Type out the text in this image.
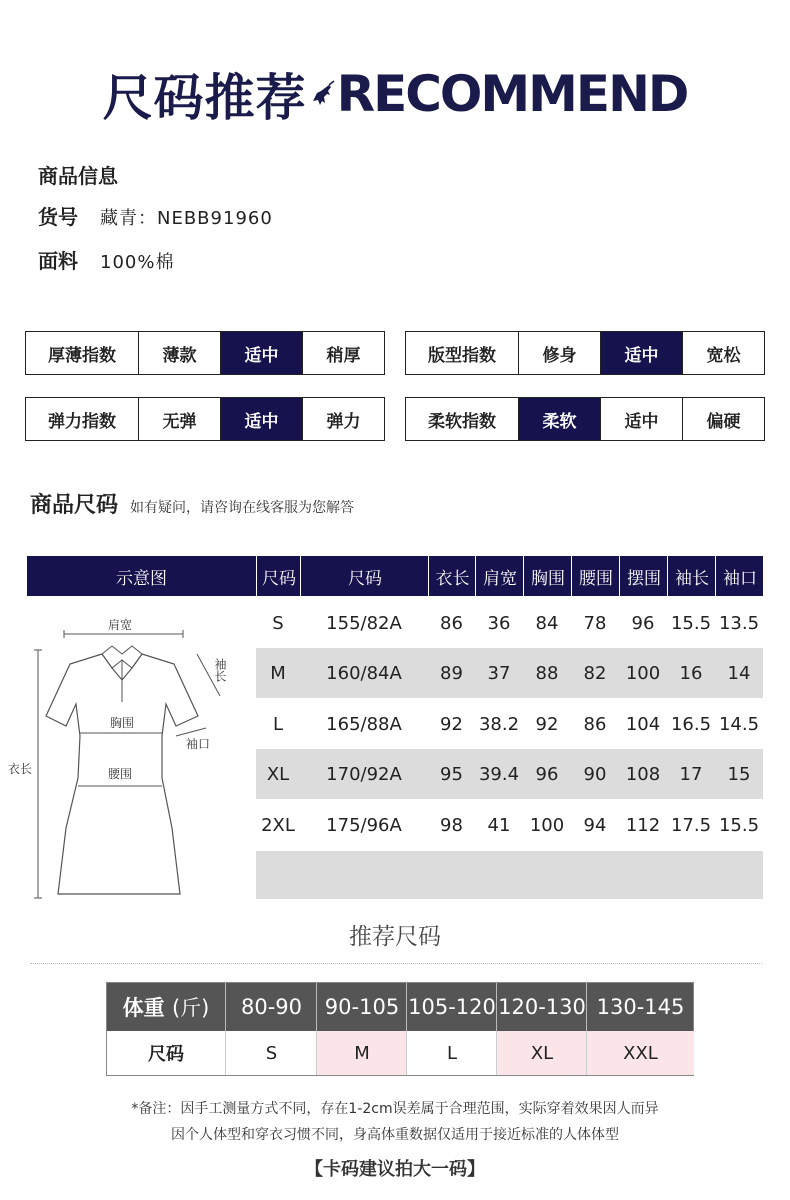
尺码推荐 RECOMMEND
商品信息
货号 藏青：NEBB91960
面料 100%棉
厚薄指数	薄款	适中	稍厚	版型指数	修身	适中	宽松
弹力指数	无弹	适中	弹力	柔软指数	柔软	适中	偏硬
商品尺码 如有疑问，请咨询在线客服为您解答
示意图	尺码	尺码	衣长 肩宽 胸围 腰围 摆围 袖长 袖口
S	155/82A	86	36	84	78	96 15.5 13.5
M	160/84A	89	37	88	82	100	16	14
L	165/88A	92 38.2 92	86	104 16.5 14.5
XL	170/92A	95 39.4 96	90	108	17	15
2XL	175/96A	98	41	100	94	112 17.5 15.5
肩宽
袖长
胸围
袖口
腰围
衣长
推荐尺码
体重
(斤)	80-90	90-105 105-120 120-130 130-145
尺码	S	M	L	XL	XXL
*备注：因手工测量方式不同，存在1-2cm误差属于合理范围，实际穿着效果因人而异
因个人体型和穿衣习惯不同，身高体重数据仅适用于接近标准的人体体型
【卡码建议拍大一码】
